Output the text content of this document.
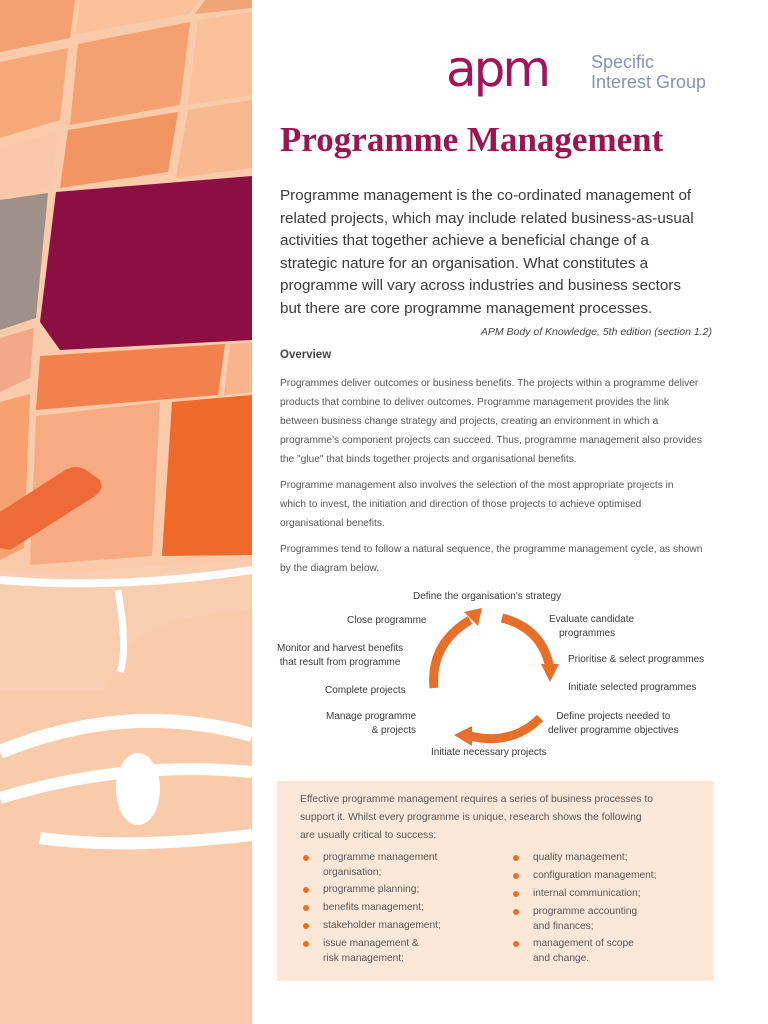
apm Specific
Interest Group
Programme Management
Programme management is the co-ordinated management of
related projects, which may include related business-as-usual
activities that together achieve a beneficial change of a
strategic nature for an organisation. What constitutes a
programme will vary across industries and business sectors
but there are core programme management processes.
APM Body of Knowledge, 5th edition (section 1.2)
Overview
Programmes deliver outcomes or business benefits. The projects within a programme deliver
products that combine to deliver outcomes. Programme management provides the link
between business change strategy and projects, creating an environment in which a
programme's component projects can succeed. Thus, programme management also provides
the "glue" that binds together projects and organisational benefits.
Programme management also involves the selection of the most appropriate projects in
which to invest, the initiation and direction of those projects to achieve optimised
organisational benefits.
Programmes tend to follow a natural sequence, the programme management cycle, as shown
by the diagram below.
Define the organisation's strategy
Evaluate candidate
programmes
Prioritise & select programmes
Initiate selected programmes
Define projects needed to
deliver programme objectives
Initiate necessary projects
Manage programme
& projects
Complete projects
Monitor and harvest benefits
that result from programme
Close programme
Effective programme management requires a series of business processes to
support it. Whilst every programme is unique, research shows the following
are usually critical to success:
programme management
organisation;
programme planning;
benefits management;
stakeholder management;
issue management &
risk management;
quality management;
configuration management;
internal communication;
programme accounting
and finances;
management of scope
and change.
